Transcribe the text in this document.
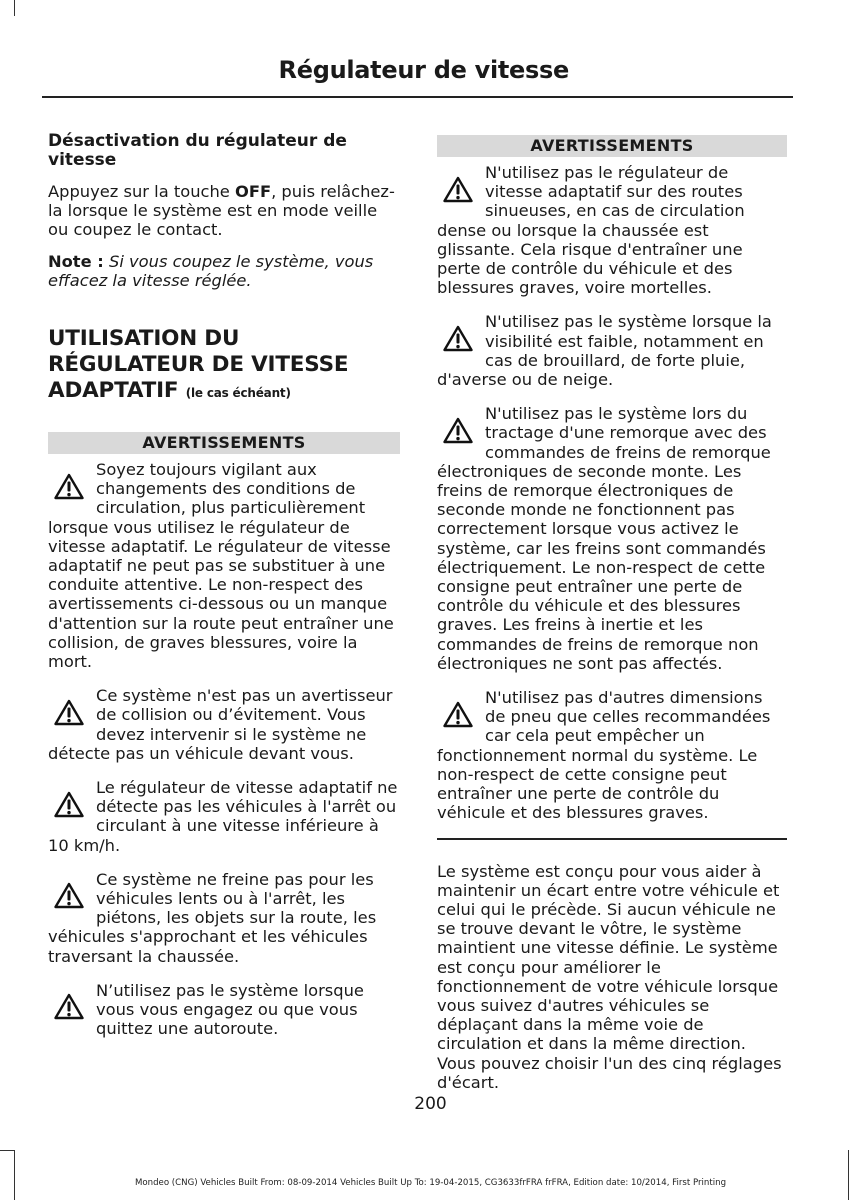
Régulateur de vitesse
Désactivation du régulateur de vitesse

Appuyez sur la touche OFF, puis relâchez-la lorsque le système est en mode veille ou coupez le contact.

Note : Si vous coupez le système, vous effacez la vitesse réglée.

UTILISATION DU RÉGULATEUR DE VITESSE ADAPTATIF (le cas échéant)
AVERTISSEMENTS

Soyez toujours vigilant aux changements des conditions de circulation, plus particulièrement lorsque vous utilisez le régulateur de vitesse adaptatif. Le régulateur de vitesse adaptatif ne peut pas se substituer à une conduite attentive. Le non-respect des avertissements ci-dessous ou un manque d'attention sur la route peut entraîner une collision, de graves blessures, voire la mort.

Ce système n'est pas un avertisseur de collision ou d’évitement. Vous devez intervenir si le système ne détecte pas un véhicule devant vous.

Le régulateur de vitesse adaptatif ne détecte pas les véhicules à l'arrêt ou circulant à une vitesse inférieure à 10 km/h.

Ce système ne freine pas pour les véhicules lents ou à l'arrêt, les piétons, les objets sur la route, les véhicules s'approchant et les véhicules traversant la chaussée.

N’utilisez pas le système lorsque vous vous engagez ou que vous quittez une autoroute.

AVERTISSEMENTS

N'utilisez pas le régulateur de vitesse adaptatif sur des routes sinueuses, en cas de circulation dense ou lorsque la chaussée est glissante. Cela risque d'entraîner une perte de contrôle du véhicule et des blessures graves, voire mortelles.

N'utilisez pas le système lorsque la visibilité est faible, notamment en cas de brouillard, de forte pluie, d'averse ou de neige.

N'utilisez pas le système lors du tractage d'une remorque avec des commandes de freins de remorque électroniques de seconde monte. Les freins de remorque électroniques de seconde monde ne fonctionnent pas correctement lorsque vous activez le système, car les freins sont commandés électriquement. Le non-respect de cette consigne peut entraîner une perte de contrôle du véhicule et des blessures graves. Les freins à inertie et les commandes de freins de remorque non électroniques ne sont pas affectés.

N'utilisez pas d'autres dimensions de pneu que celles recommandées car cela peut empêcher un fonctionnement normal du système. Le non-respect de cette consigne peut entraîner une perte de contrôle du véhicule et des blessures graves.

Le système est conçu pour vous aider à maintenir un écart entre votre véhicule et celui qui le précède. Si aucun véhicule ne se trouve devant le vôtre, le système maintient une vitesse définie. Le système est conçu pour améliorer le fonctionnement de votre véhicule lorsque vous suivez d'autres véhicules se déplaçant dans la même voie de circulation et dans la même direction. Vous pouvez choisir l'un des cinq réglages d'écart.

200
Mondeo (CNG) Vehicles Built From: 08-09-2014 Vehicles Built Up To: 19-04-2015, CG3633frFRA frFRA, Edition date: 10/2014, First Printing
